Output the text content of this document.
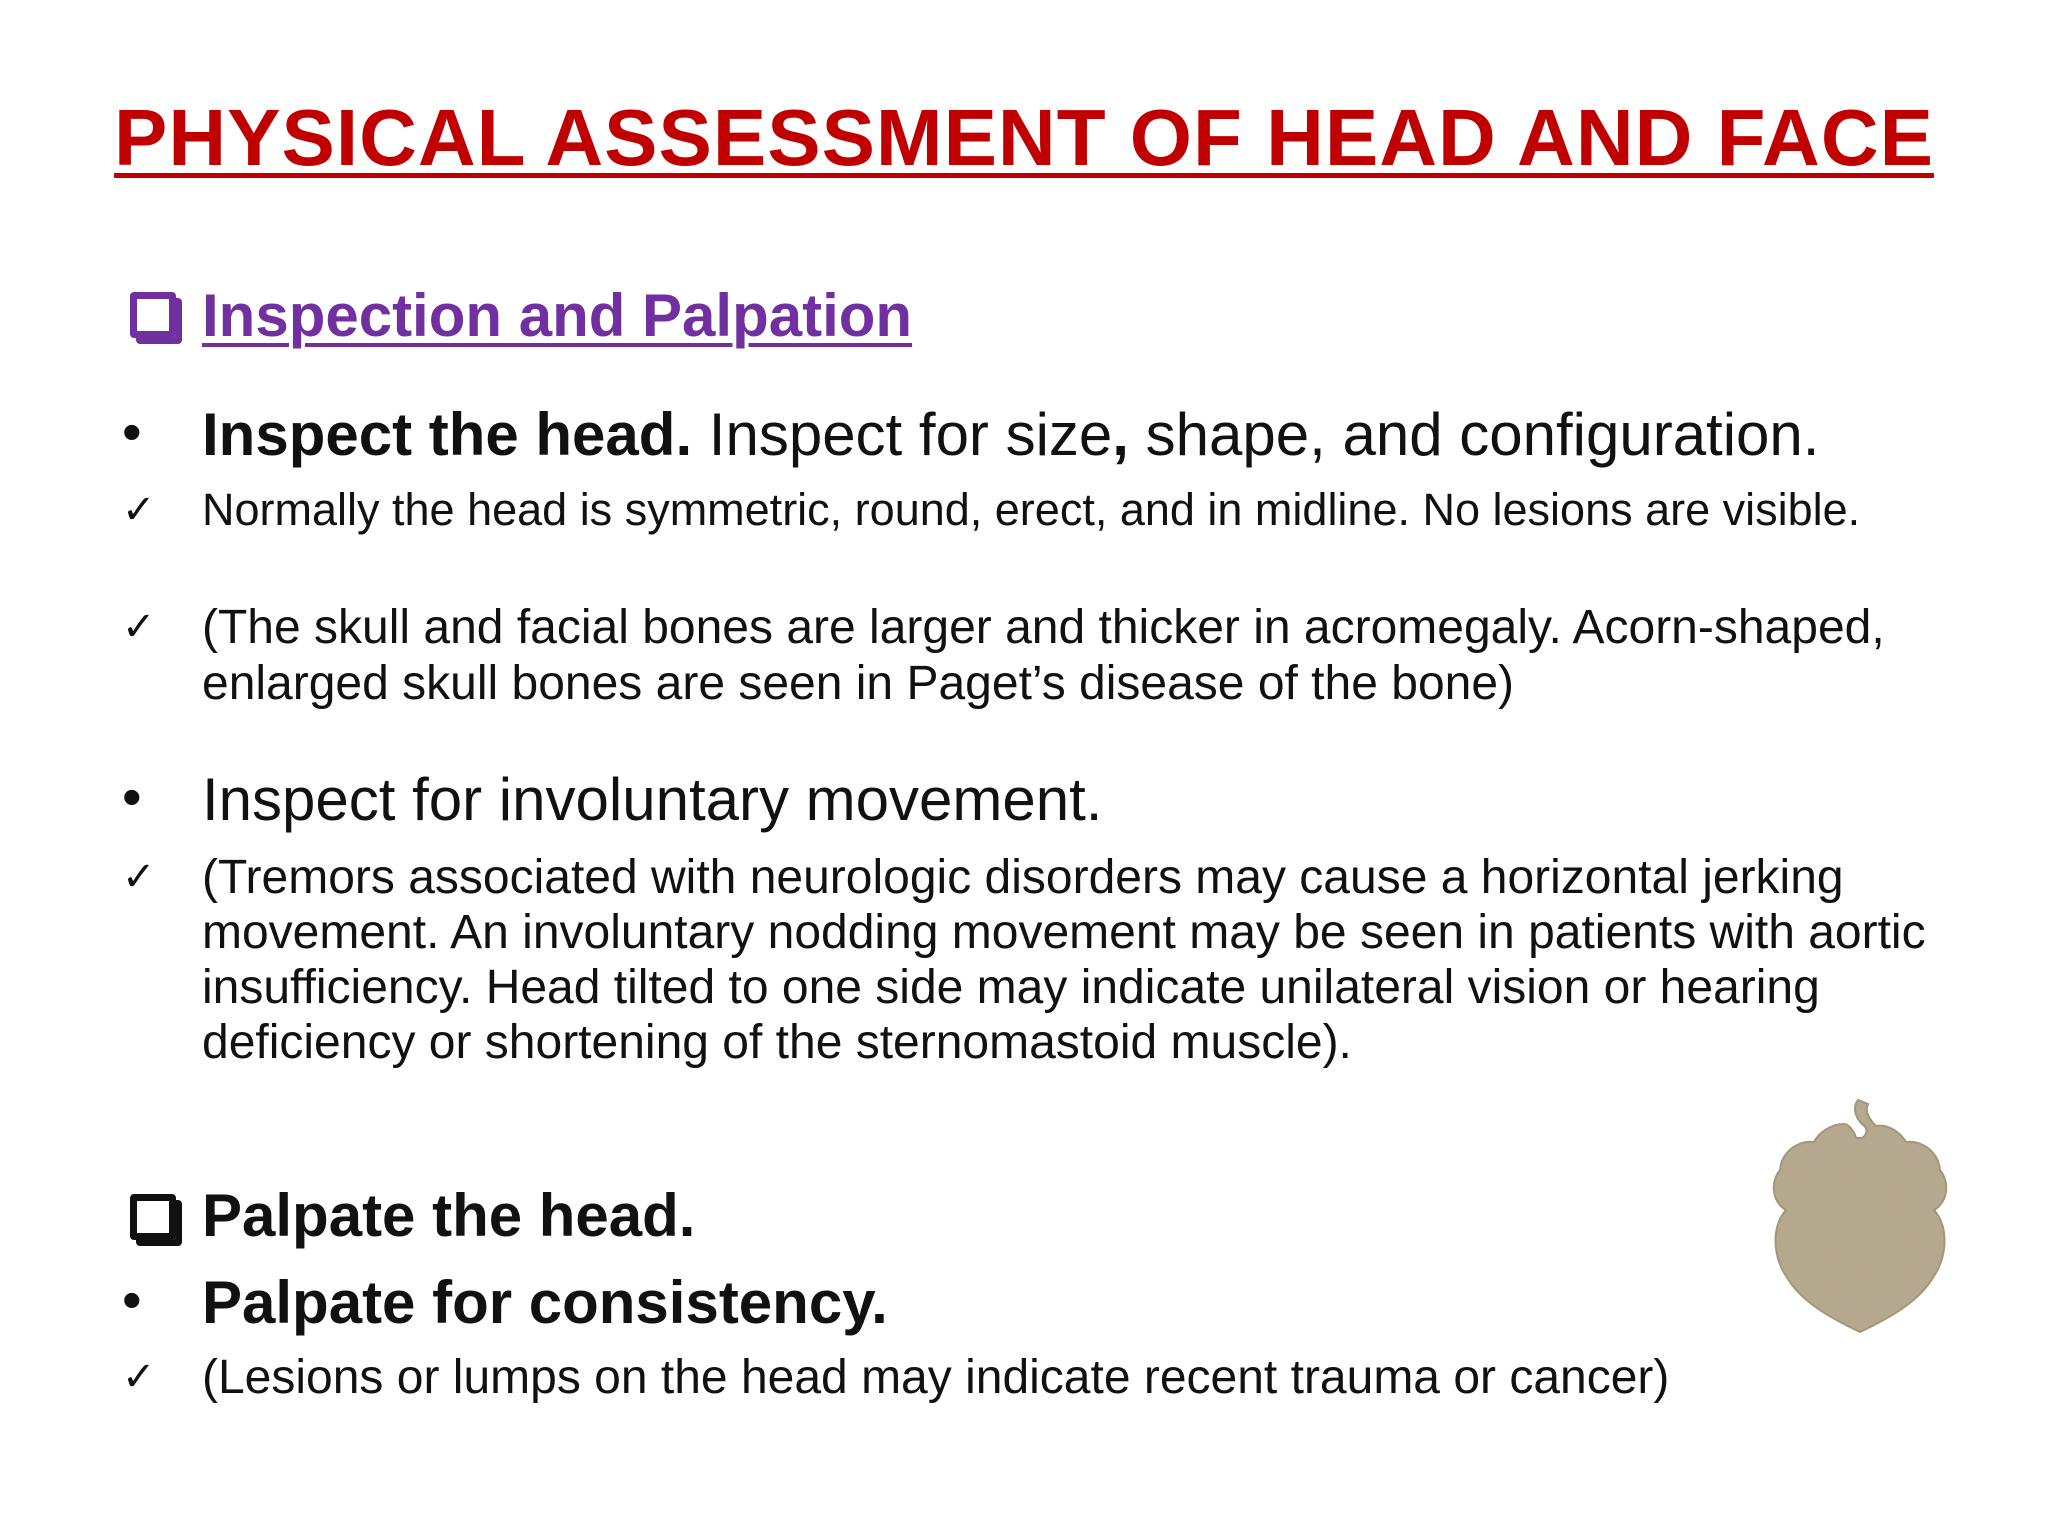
PHYSICAL ASSESSMENT OF HEAD AND FACE
Inspection and Palpation
• Inspect the head. Inspect for size, shape, and configuration.
✓ Normally the head is symmetric, round, erect, and in midline. No lesions are visible.
✓ (The skull and facial bones are larger and thicker in acromegaly. Acorn-shaped, enlarged skull bones are seen in Paget’s disease of the bone)
• Inspect for involuntary movement.
✓ (Tremors associated with neurologic disorders may cause a horizontal jerking movement. An involuntary nodding movement may be seen in patients with aortic insufficiency. Head tilted to one side may indicate unilateral vision or hearing deficiency or shortening of the sternomastoid muscle).
Palpate the head.
• Palpate for consistency.
✓ (Lesions or lumps on the head may indicate recent trauma or cancer)
